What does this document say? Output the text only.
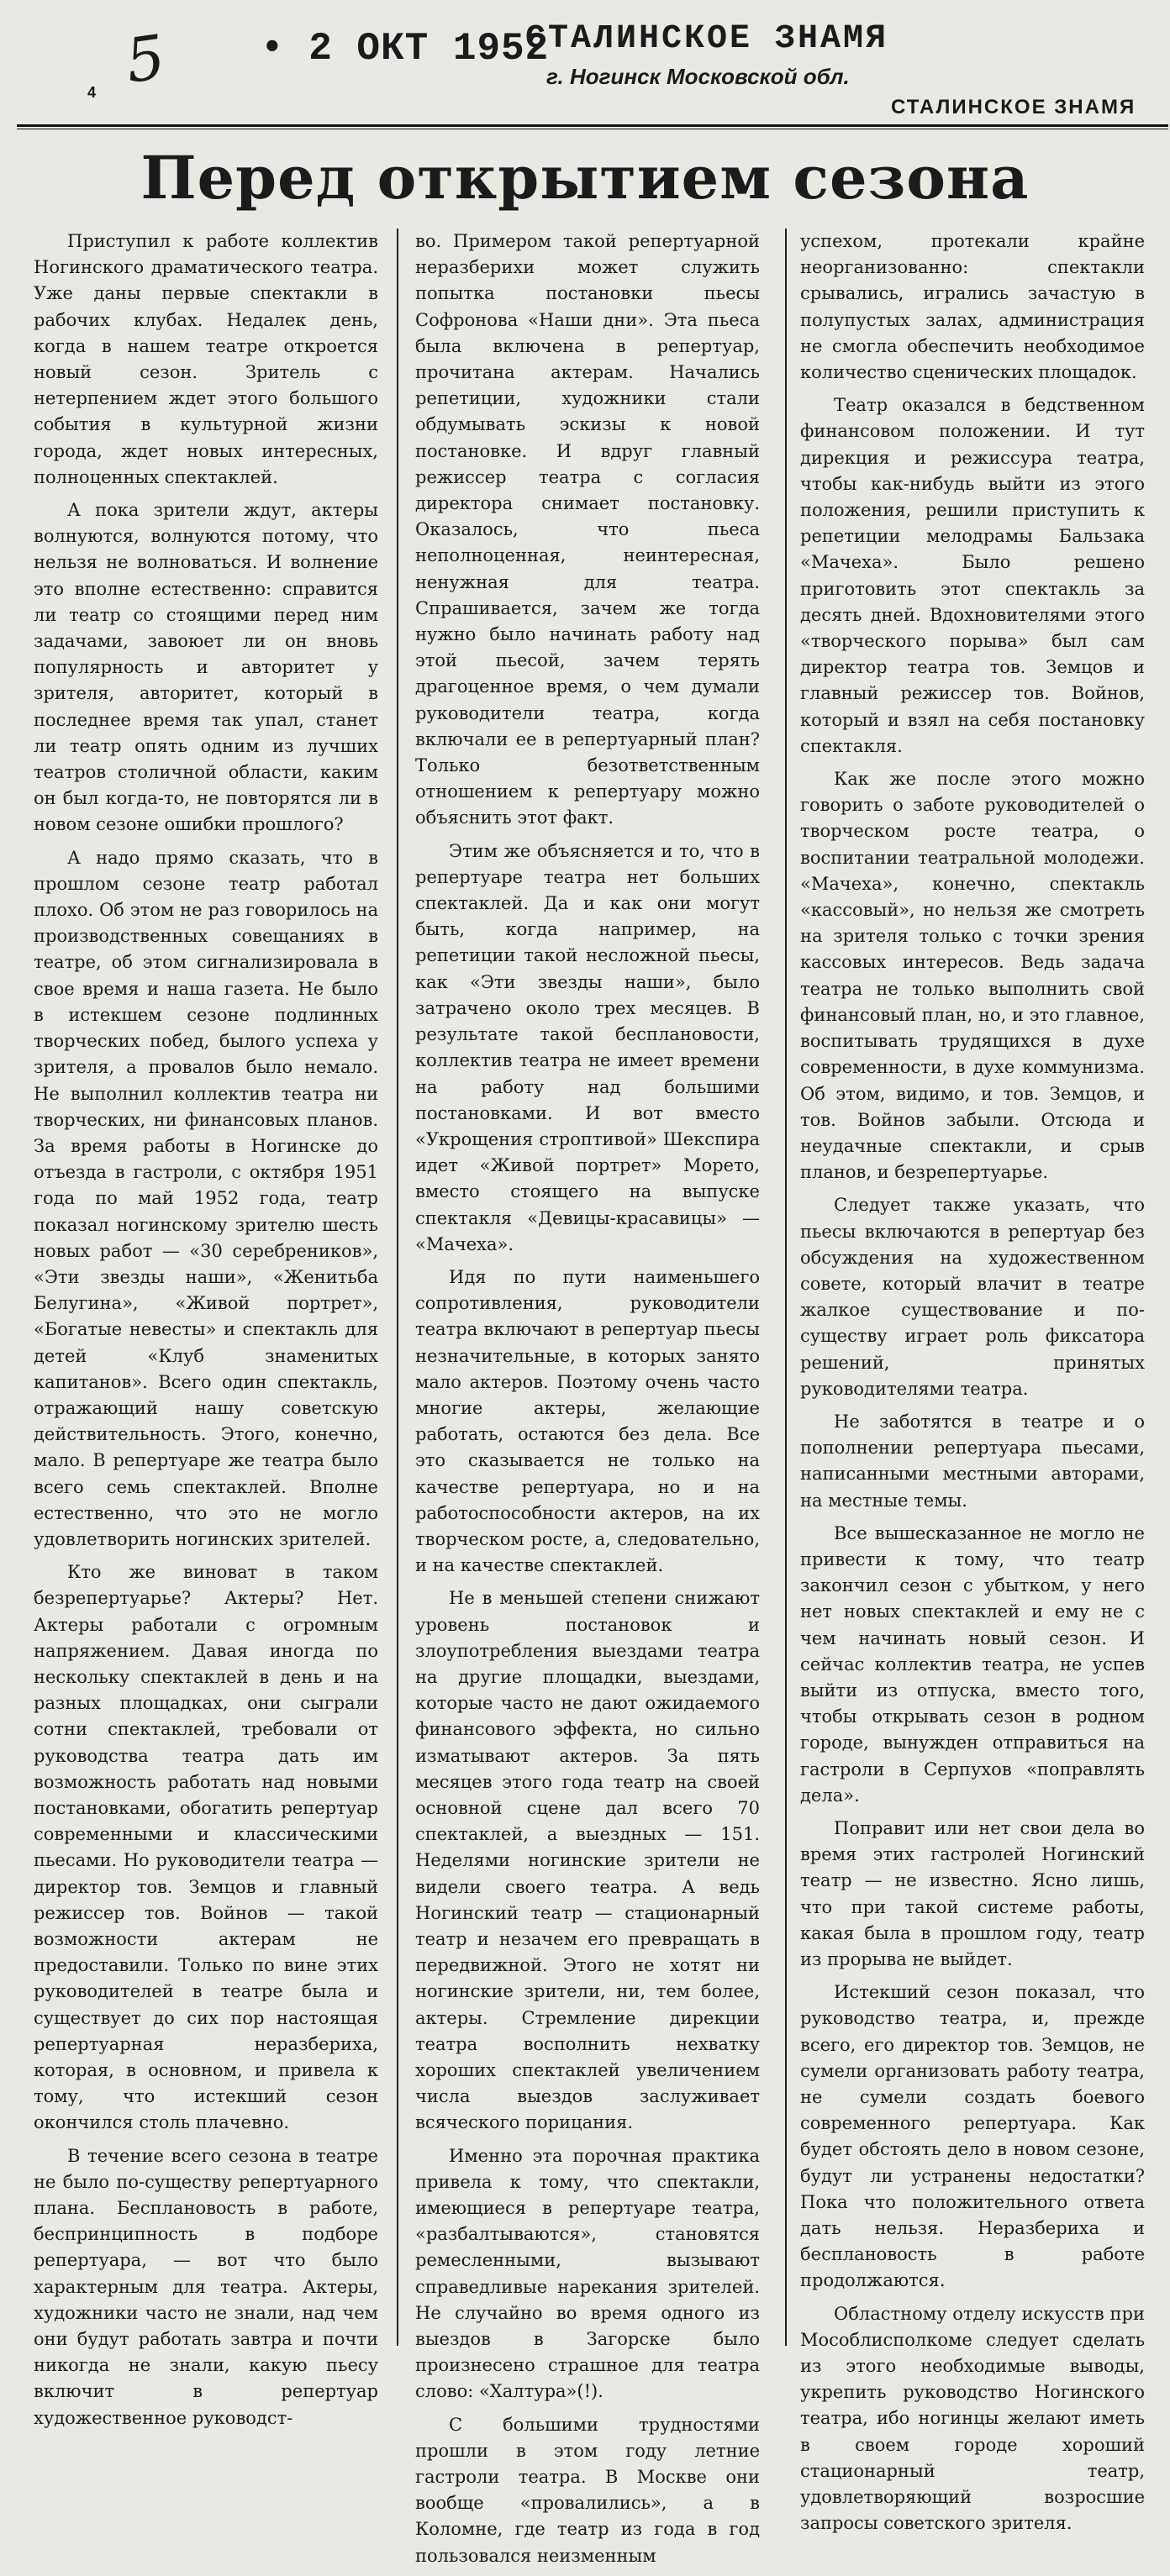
5 • 2 ОКТ 1952
СТАЛИНСКОЕ ЗНАМЯ
г. Ногинск Московской обл.
4
СТАЛИНСКОЕ ЗНАМЯ
Перед открытием сезона

Приступил к работе коллектив Ногинского драматического театра. Уже даны первые спектакли в рабочих клубах. Недалек день, когда в нашем театре откроется новый сезон. Зритель с нетерпением ждет этого большого события в культурной жизни города, ждет новых интересных, полноценных спектаклей.

А пока зрители ждут, актеры волнуются, волнуются потому, что нельзя не волноваться. И волнение это вполне естественно: справится ли театр со стоящими перед ним задачами, завоюет ли он вновь популярность и авторитет у зрителя, авторитет, который в последнее время так упал, станет ли театр опять одним из лучших театров столичной области, каким он был когда-то, не повторятся ли в новом сезоне ошибки прошлого?

А надо прямо сказать, что в прошлом сезоне театр работал плохо. Об этом не раз говорилось на производственных совещаниях в театре, об этом сигнализировала в свое время и наша газета. Не было в истекшем сезоне подлинных творческих побед, былого успеха у зрителя, а провалов было немало. Не выполнил коллектив театра ни творческих, ни финансовых планов. За время работы в Ногинске до отъезда в гастроли, с октября 1951 года по май 1952 года, театр показал ногинскому зрителю шесть новых работ — «30 серебреников», «Эти звезды наши», «Женитьба Белугина», «Живой портрет», «Богатые невесты» и спектакль для детей «Клуб знаменитых капитанов». Всего один спектакль, отражающий нашу советскую действительность. Этого, конечно, мало. В репертуаре же театра было всего семь спектаклей. Вполне естественно, что это не могло удовлетворить ногинских зрителей.

Кто же виноват в таком безрепертуарье? Актеры? Нет. Актеры работали с огромным напряжением. Давая иногда по нескольку спектаклей в день и на разных площадках, они сыграли сотни спектаклей, требовали от руководства театра дать им возможность работать над новыми постановками, обогатить репертуар современными и классическими пьесами. Но руководители театра — директор тов. Земцов и главный режиссер тов. Войнов — такой возможности актерам не предоставили. Только по вине этих руководителей в театре была и существует до сих пор настоящая репертуарная неразбериха, которая, в основном, и привела к тому, что истекший сезон окончился столь плачевно.

В течение всего сезона в театре не было по-существу репертуарного плана. Бесплановость в работе, беспринципность в подборе репертуара, — вот что было характерным для театра. Актеры, художники часто не знали, над чем они будут работать завтра и почти никогда не знали, какую пьесу включит в репертуар художественное руководст-

во. Примером такой репертуарной неразберихи может служить попытка постановки пьесы Софронова «Наши дни». Эта пьеса была включена в репертуар, прочитана актерам. Начались репетиции, художники стали обдумывать эскизы к новой постановке. И вдруг главный режиссер театра с согласия директора снимает постановку. Оказалось, что пьеса неполноценная, неинтересная, ненужная для театра. Спрашивается, зачем же тогда нужно было начинать работу над этой пьесой, зачем терять драгоценное время, о чем думали руководители театра, когда включали ее в репертуарный план? Только безответственным отношением к репертуару можно объяснить этот факт.

Этим же объясняется и то, что в репертуаре театра нет больших спектаклей. Да и как они могут быть, когда например, на репетиции такой несложной пьесы, как «Эти звезды наши», было затрачено около трех месяцев. В результате такой бесплановости, коллектив театра не имеет времени на работу над большими постановками. И вот вместо «Укрощения строптивой» Шекспира идет «Живой портрет» Морето, вместо стоящего на выпуске спектакля «Девицы-красавицы» — «Мачеха».

Идя по пути наименьшего сопротивления, руководители театра включают в репертуар пьесы незначительные, в которых занято мало актеров. Поэтому очень часто многие актеры, желающие работать, остаются без дела. Все это сказывается не только на качестве репертуара, но и на работоспособности актеров, на их творческом росте, а, следовательно, и на качестве спектаклей.

Не в меньшей степени снижают уровень постановок и злоупотребления выездами театра на другие площадки, выездами, которые часто не дают ожидаемого финансового эффекта, но сильно изматывают актеров. За пять месяцев этого года театр на своей основной сцене дал всего 70 спектаклей, а выездных — 151. Неделями ногинские зрители не видели своего театра. А ведь Ногинский театр — стационарный театр и незачем его превращать в передвижной. Этого не хотят ни ногинские зрители, ни, тем более, актеры. Стремление дирекции театра восполнить нехватку хороших спектаклей увеличением числа выездов заслуживает всяческого порицания.

Именно эта порочная практика привела к тому, что спектакли, имеющиеся в репертуаре театра, «разбалтываются», становятся ремесленными, вызывают справедливые нарекания зрителей. Не случайно во время одного из выездов в Загорске было произнесено страшное для театра слово: «Халтура»(!).

С большими трудностями прошли в этом году летние гастроли театра. В Москве они вообще «провалились», а в Коломне, где театр из года в год пользовался неизменным

успехом, протекали крайне неорганизованно: спектакли срывались, игрались зачастую в полупустых залах, администрация не смогла обеспечить необходимое количество сценических площадок.

Театр оказался в бедственном финансовом положении. И тут дирекция и режиссура театра, чтобы как-нибудь выйти из этого положения, решили приступить к репетиции мелодрамы Бальзака «Мачеха». Было решено приготовить этот спектакль за десять дней. Вдохновителями этого «творческого порыва» был сам директор театра тов. Земцов и главный режиссер тов. Войнов, который и взял на себя постановку спектакля.

Как же после этого можно говорить о заботе руководителей о творческом росте театра, о воспитании театральной молодежи. «Мачеха», конечно, спектакль «кассовый», но нельзя же смотреть на зрителя только с точки зрения кассовых интересов. Ведь задача театра не только выполнить свой финансовый план, но, и это главное, воспитывать трудящихся в духе современности, в духе коммунизма. Об этом, видимо, и тов. Земцов, и тов. Войнов забыли. Отсюда и неудачные спектакли, и срыв планов, и безрепертуарье.

Следует также указать, что пьесы включаются в репертуар без обсуждения на художественном совете, который влачит в театре жалкое существование и по-существу играет роль фиксатора решений, принятых руководителями театра.

Не заботятся в театре и о пополнении репертуара пьесами, написанными местными авторами, на местные темы.

Все вышесказанное не могло не привести к тому, что театр закончил сезон с убытком, у него нет новых спектаклей и ему не с чем начинать новый сезон. И сейчас коллектив театра, не успев выйти из отпуска, вместо того, чтобы открывать сезон в родном городе, вынужден отправиться на гастроли в Серпухов «поправлять дела».

Поправит или нет свои дела во время этих гастролей Ногинский театр — не известно. Ясно лишь, что при такой системе работы, какая была в прошлом году, театр из прорыва не выйдет.

Истекший сезон показал, что руководство театра, и, прежде всего, его директор тов. Земцов, не сумели организовать работу театра, не сумели создать боевого современного репертуара. Как будет обстоять дело в новом сезоне, будут ли устранены недостатки? Пока что положительного ответа дать нельзя. Неразбериха и бесплановость в работе продолжаются.

Областному отделу искусств при Мособлисполкоме следует сделать из этого необходимые выводы, укрепить руководство Ногинского театра, ибо ногинцы желают иметь в своем городе хороший стационарный театр, удовлетворяющий возросшие запросы советского зрителя.
